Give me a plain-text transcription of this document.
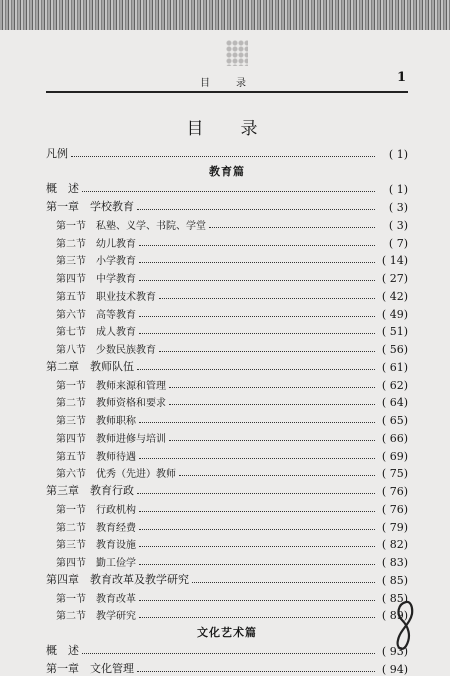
目　录	1
目　录
凡例	( 1)
教育篇
概　述	( 1)
第一章　学校教育	( 3)
第一节　私塾、义学、书院、学堂	( 3)
第二节　幼儿教育	( 7)
第三节　小学教育	( 14)
第四节　中学教育	( 27)
第五节　职业技术教育	( 42)
第六节　高等教育	( 49)
第七节　成人教育	( 51)
第八节　少数民族教育	( 56)
第二章　教师队伍	( 61)
第一节　教师来源和管理	( 62)
第二节　教师资格和要求	( 64)
第三节　教师职称	( 65)
第四节　教师进修与培训	( 66)
第五节　教师待遇	( 69)
第六节　优秀（先进）教师	( 75)
第三章　教育行政	( 76)
第一节　行政机构	( 76)
第二节　教育经费	( 79)
第三节　教育设施	( 82)
第四节　勤工俭学	( 83)
第四章　教育改革及教学研究	( 85)
第一节　教育改革	( 85)
第二节　教学研究	( 89)
文化艺术篇
概　述	( 93)
第一章　文化管理	( 94)
